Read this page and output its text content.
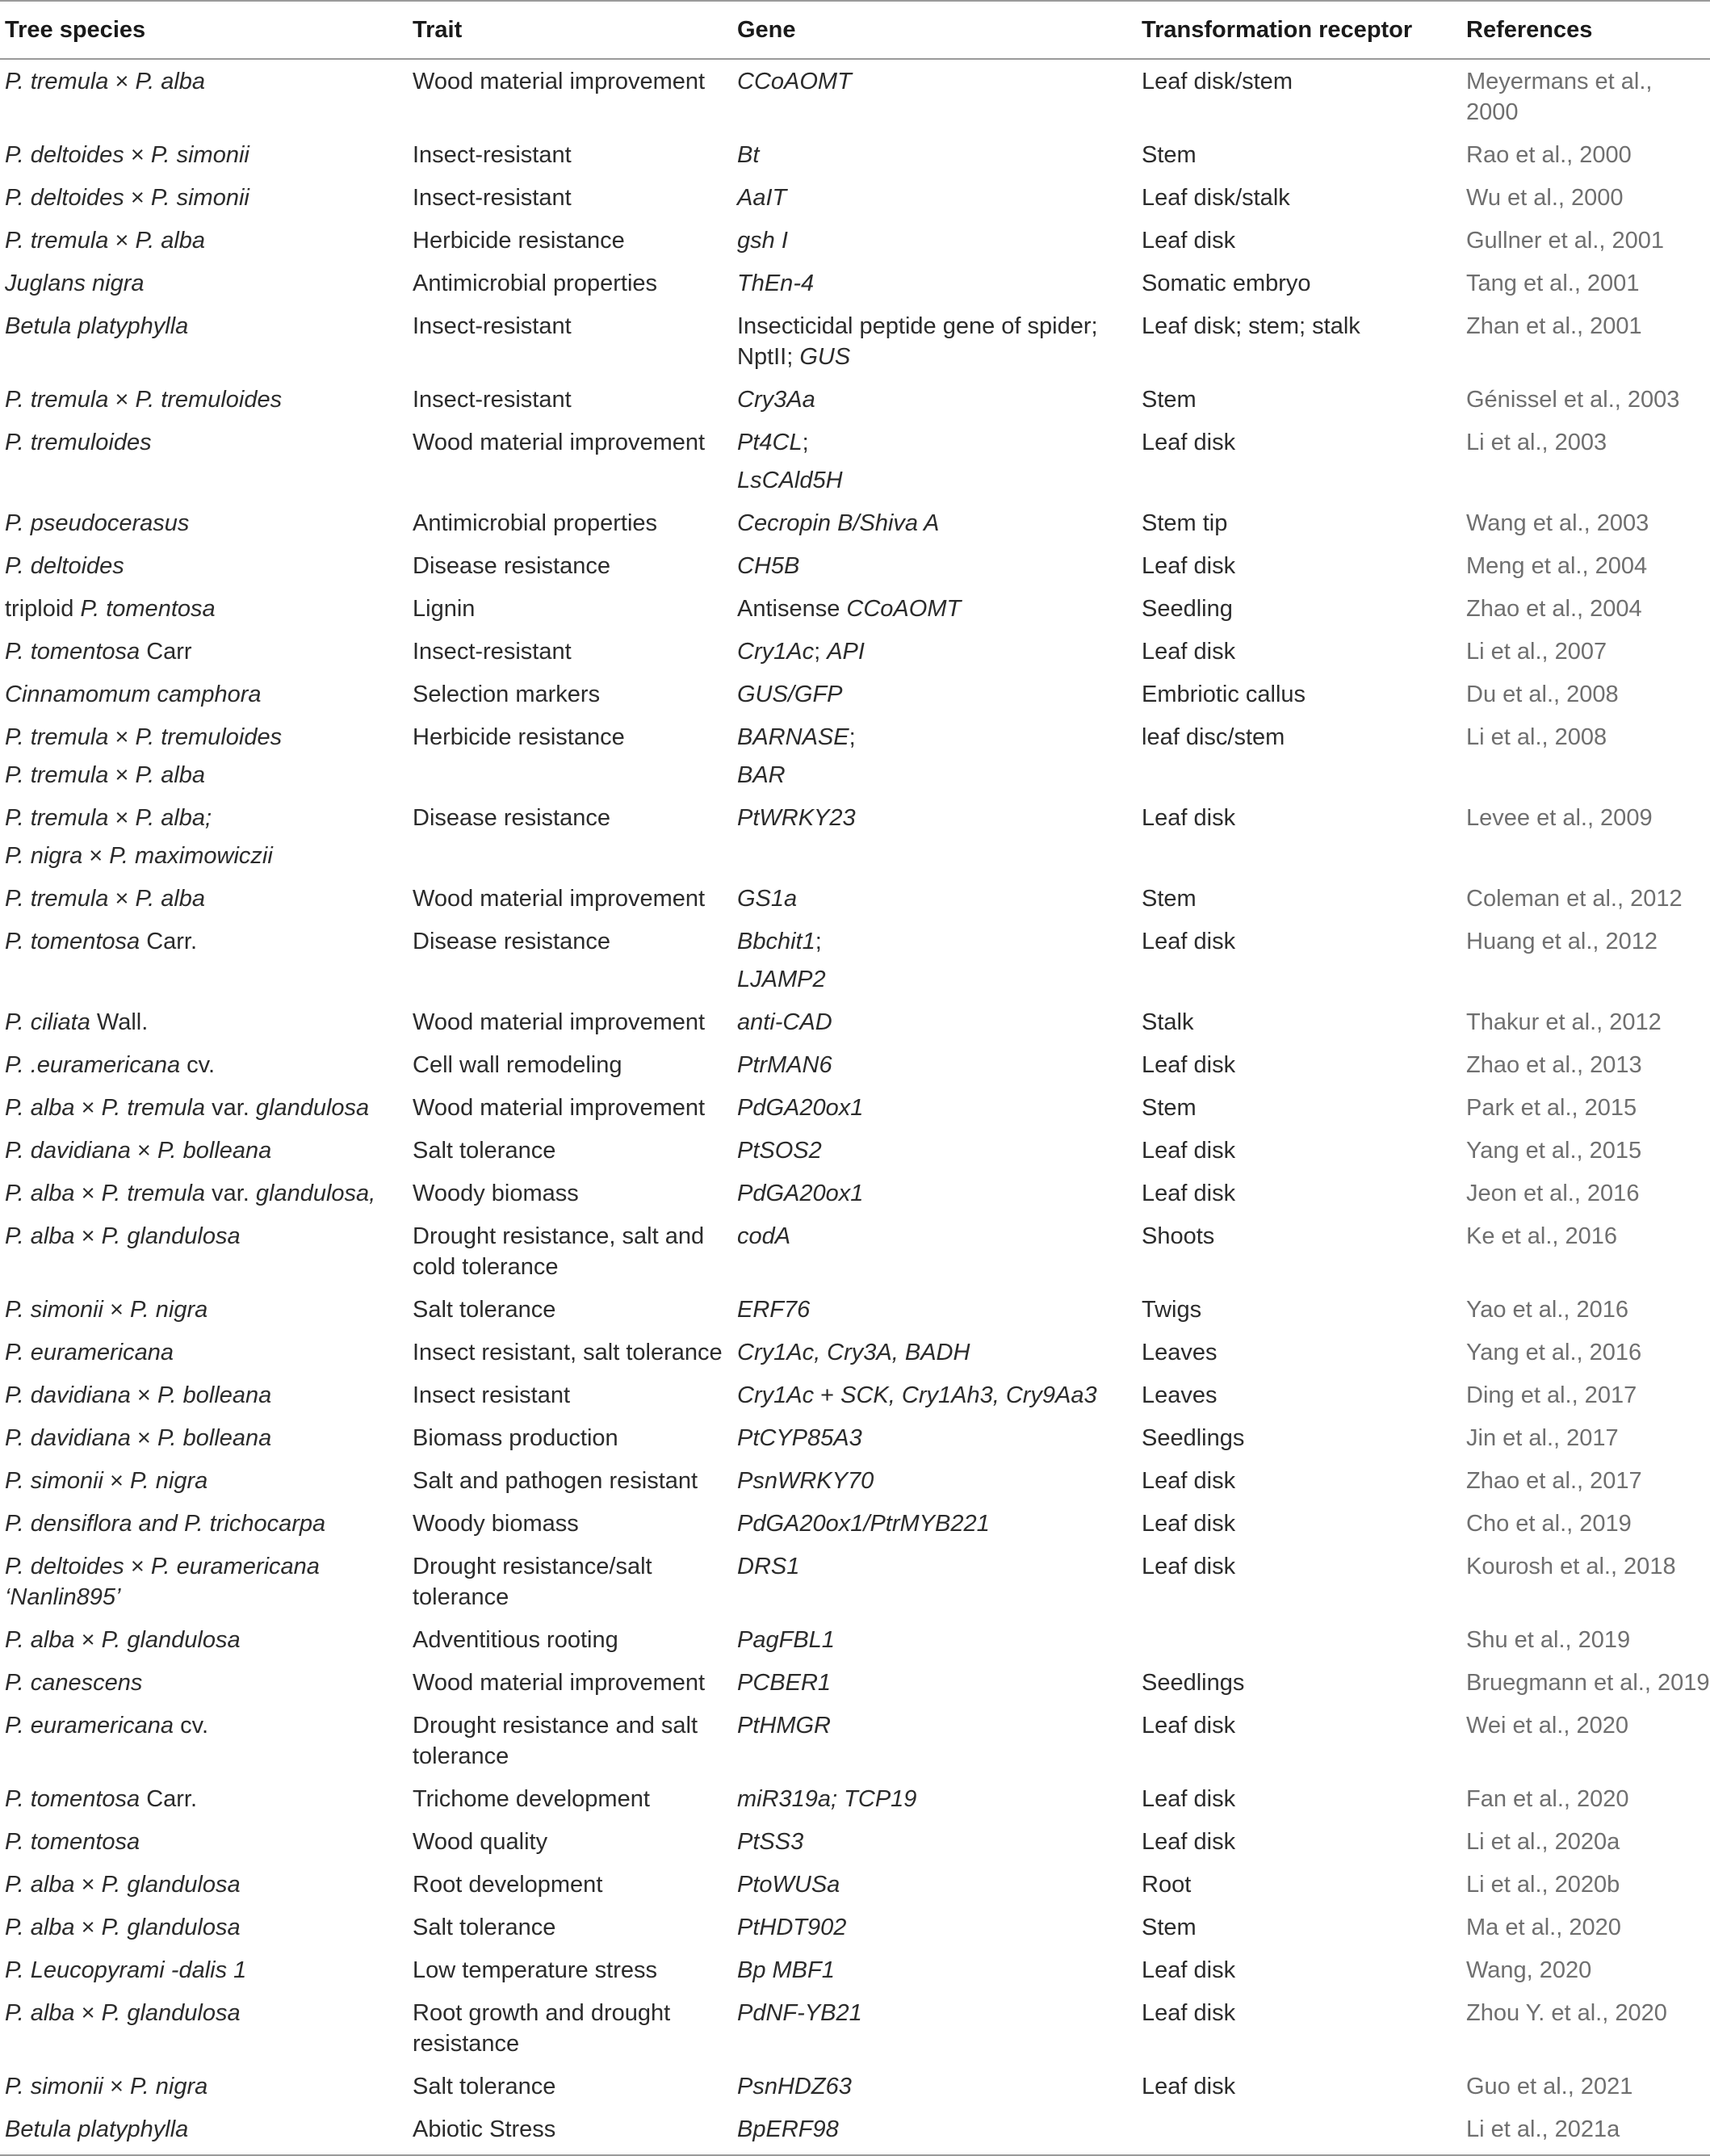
Tree species	Trait	Gene	Transformation receptor	References

P. tremula × P. alba	Wood material improvement	CCoAOMT	Leaf disk/stem	Meyermans et al., 2000

P. deltoides × P. simonii	Insect-resistant	Bt	Stem	Rao et al., 2000

P. deltoides × P. simonii	Insect-resistant	AaIT	Leaf disk/stalk	Wu et al., 2000

P. tremula × P. alba	Herbicide resistance	gsh I	Leaf disk	Gullner et al., 2001

Juglans nigra	Antimicrobial properties	ThEn-4	Somatic embryo	Tang et al., 2001

Betula platyphylla	Insect-resistant	Insecticidal peptide gene of spider;
NptII; GUS	Leaf disk; stem; stalk	Zhan et al., 2001

P. tremula × P. tremuloides	Insect-resistant	Cry3Aa	Stem	Génissel et al., 2003

P. tremuloides	Wood material improvement	Pt4CL;
LsCAld5H	Leaf disk	Li et al., 2003

P. pseudocerasus	Antimicrobial properties	Cecropin B/Shiva A	Stem tip	Wang et al., 2003

P. deltoides	Disease resistance	CH5B	Leaf disk	Meng et al., 2004

triploid P. tomentosa	Lignin	Antisense CCoAOMT	Seedling	Zhao et al., 2004

P. tomentosa Carr	Insect-resistant	Cry1Ac; API	Leaf disk	Li et al., 2007

Cinnamomum camphora	Selection markers	GUS/GFP	Embriotic callus	Du et al., 2008

P. tremula × P. tremuloides
P. tremula × P. alba	Herbicide resistance	BARNASE;
BAR	leaf disc/stem	Li et al., 2008

P. tremula × P. alba;
P. nigra × P. maximowiczii	Disease resistance	PtWRKY23	Leaf disk	Levee et al., 2009

P. tremula × P. alba	Wood material improvement	GS1a	Stem	Coleman et al., 2012

P. tomentosa Carr.	Disease resistance	Bbchit1;
LJAMP2	Leaf disk	Huang et al., 2012

P. ciliata Wall.	Wood material improvement	anti-CAD	Stalk	Thakur et al., 2012

P. .euramericana cv.	Cell wall remodeling	PtrMAN6	Leaf disk	Zhao et al., 2013

P. alba × P. tremula var. glandulosa	Wood material improvement	PdGA20ox1	Stem	Park et al., 2015

P. davidiana × P. bolleana	Salt tolerance	PtSOS2	Leaf disk	Yang et al., 2015

P. alba × P. tremula var. glandulosa,	Woody biomass	PdGA20ox1	Leaf disk	Jeon et al., 2016

P. alba × P. glandulosa	Drought resistance, salt and
cold tolerance	codA	Shoots	Ke et al., 2016

P. simonii × P. nigra	Salt tolerance	ERF76	Twigs	Yao et al., 2016

P. euramericana	Insect resistant, salt tolerance	Cry1Ac, Cry3A, BADH	Leaves	Yang et al., 2016

P. davidiana × P. bolleana	Insect resistant	Cry1Ac + SCK, Cry1Ah3, Cry9Aa3	Leaves	Ding et al., 2017

P. davidiana × P. bolleana	Biomass production	PtCYP85A3	Seedlings	Jin et al., 2017

P. simonii × P. nigra	Salt and pathogen resistant	PsnWRKY70	Leaf disk	Zhao et al., 2017

P. densiflora and P. trichocarpa	Woody biomass	PdGA20ox1/PtrMYB221	Leaf disk	Cho et al., 2019

P. deltoides × P. euramericana
‘Nanlin895’	Drought resistance/salt
tolerance	DRS1	Leaf disk	Kourosh et al., 2018

P. alba × P. glandulosa	Adventitious rooting	PagFBL1		Shu et al., 2019

P. canescens	Wood material improvement	PCBER1	Seedlings	Bruegmann et al., 2019

P. euramericana cv.	Drought resistance and salt
tolerance	PtHMGR	Leaf disk	Wei et al., 2020

P. tomentosa Carr.	Trichome development	miR319a; TCP19	Leaf disk	Fan et al., 2020

P. tomentosa	Wood quality	PtSS3	Leaf disk	Li et al., 2020a

P. alba × P. glandulosa	Root development	PtoWUSa	Root	Li et al., 2020b

P. alba × P. glandulosa	Salt tolerance	PtHDT902	Stem	Ma et al., 2020

P. Leucopyrami -dalis 1	Low temperature stress	Bp MBF1	Leaf disk	Wang, 2020

P. alba × P. glandulosa	Root growth and drought
resistance	PdNF-YB21	Leaf disk	Zhou Y. et al., 2020

P. simonii × P. nigra	Salt tolerance	PsnHDZ63	Leaf disk	Guo et al., 2021

Betula platyphylla	Abiotic Stress	BpERF98		Li et al., 2021a
